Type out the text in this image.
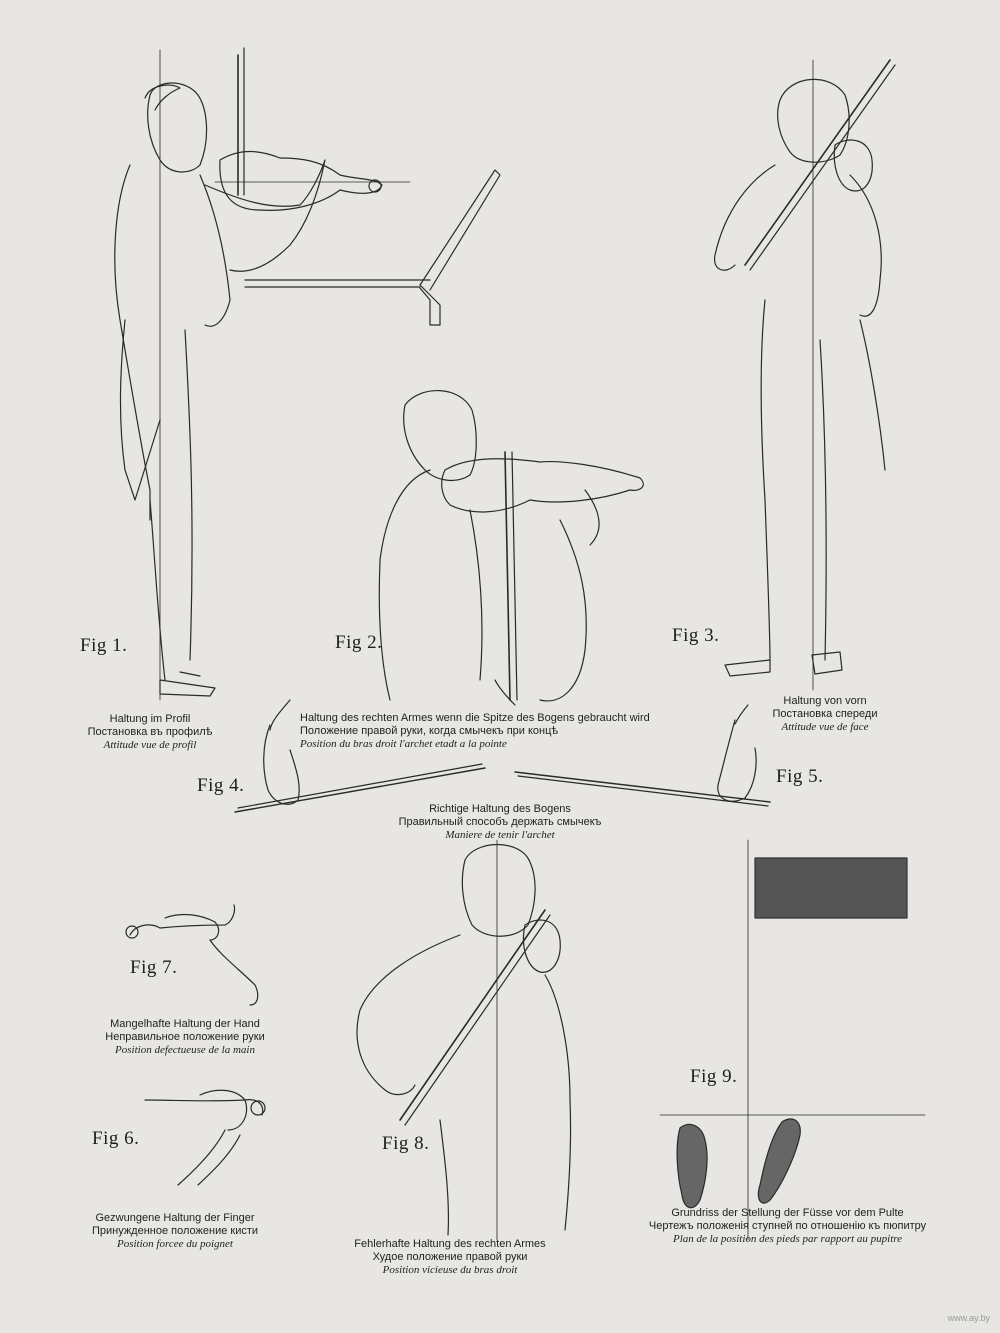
Fig 1.	Fig 2.	Fig 3.
Fig 4.	Fig 5.
Fig 7.
Fig 9.
Fig 6.	Fig 8.
Haltung im Profil
Постановка въ профилѣ
Attitude vue de profil
Haltung des rechten Armes wenn die Spitze des Bogens gebraucht wird
Положение правой руки, когда смычекъ при концѣ
Position du bras droit l'archet etadt a la pointe
Haltung von vorn
Постановка спереди
Attitude vue de face
Richtige Haltung des Bogens
Правильный способъ держать смычекъ
Maniere de tenir l'archet
Mangelhafte Haltung der Hand
Неправильное положение руки
Position defectueuse de la main
Gezwungene Haltung der Finger
Принужденное положение кисти
Position forcee du poignet	Fehlerhafte Haltung des rechten Armes
Худое положение правой руки
Position vicieuse du bras droit
Grundriss der Stellung der Füsse vor dem Pulte
Чертежъ положенія ступней по отношенію къ пюпитру
Plan de la position des pieds par rapport au pupitre
www.ay.by
